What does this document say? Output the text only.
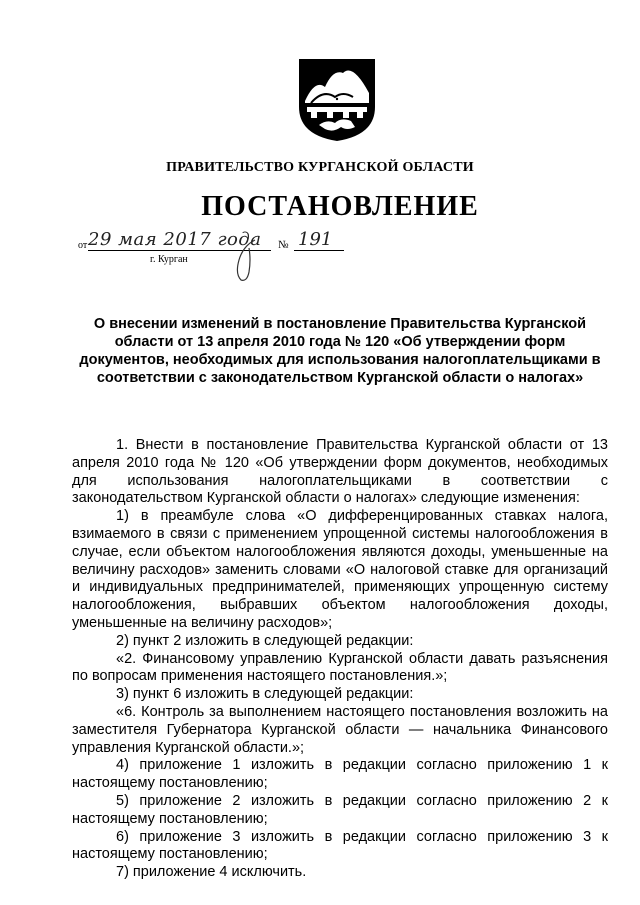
ПРАВИТЕЛЬСТВО КУРГАНСКОЙ ОБЛАСТИ
ПОСТАНОВЛЕНИЕ
от 29 мая 2017 года № 191
г. Курган
О внесении изменений в постановление Правительства Курганской области от 13 апреля 2010 года № 120 «Об утверждении форм документов, необходимых для использования налогоплательщиками в соответствии с законодательством Курганской области о налогах»

1. Внести в постановление Правительства Курганской области от 13 апреля 2010 года № 120 «Об утверждении форм документов, необходимых для использования налогоплательщиками в соответствии с законодательством Курганской области о налогах» следующие изменения:

1) в преамбуле слова «О дифференцированных ставках налога, взимаемого в связи с применением упрощенной системы налогообложения в случае, если объектом налогообложения являются доходы, уменьшенные на величину расходов» заменить словами «О налоговой ставке для организаций и индивидуальных предпринимателей, применяющих упрощенную систему налогообложения, выбравших объектом налогообложения доходы, уменьшенные на величину расходов»;

2) пункт 2 изложить в следующей редакции:

«2. Финансовому управлению Курганской области давать разъяснения по вопросам применения настоящего постановления.»;

3) пункт 6 изложить в следующей редакции:

«6. Контроль за выполнением настоящего постановления возложить на заместителя Губернатора Курганской области — начальника Финансового управления Курганской области.»;

4) приложение 1 изложить в редакции согласно приложению 1 к настоящему постановлению;

5) приложение 2 изложить в редакции согласно приложению 2 к настоящему постановлению;

6) приложение 3 изложить в редакции согласно приложению 3 к настоящему постановлению;

7) приложение 4 исключить.
